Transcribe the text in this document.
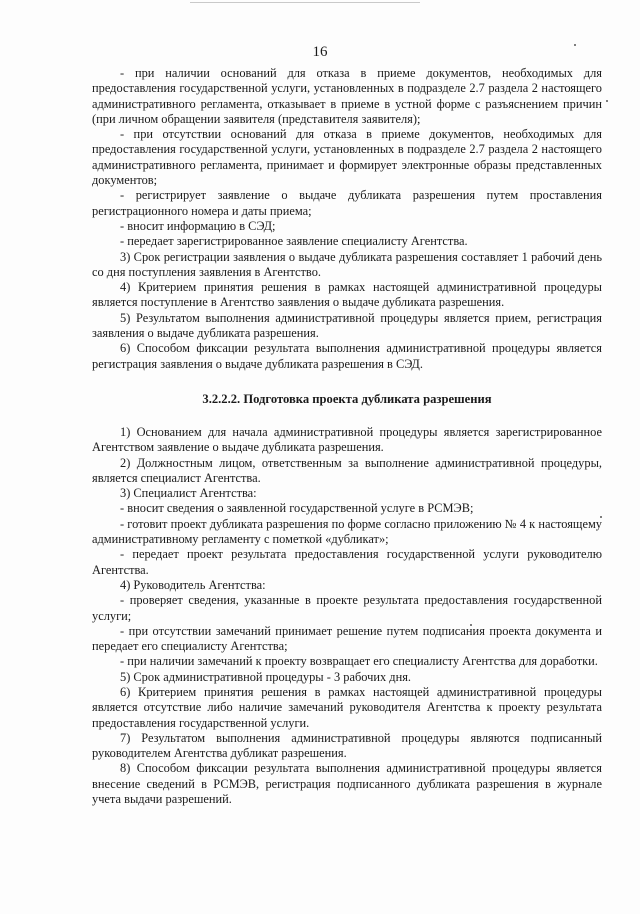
16

- при наличии оснований для отказа в приеме документов, необходимых для предоставления государственной услуги, установленных в подразделе 2.7 раздела 2 настоящего административного регламента, отказывает в приеме в устной форме с разъяснением причин (при личном обращении заявителя (представителя заявителя);

- при отсутствии оснований для отказа в приеме документов, необходимых для предоставления государственной услуги, установленных в подразделе 2.7 раздела 2 настоящего административного регламента, принимает и формирует электронные образы представленных документов;

- регистрирует заявление о выдаче дубликата разрешения путем проставления регистрационного номера и даты приема;

- вносит информацию в СЭД;

- передает зарегистрированное заявление специалисту Агентства.

3) Срок регистрации заявления о выдаче дубликата разрешения составляет 1 рабочий день со дня поступления заявления в Агентство.

4) Критерием принятия решения в рамках настоящей административной процедуры является поступление в Агентство заявления о выдаче дубликата разрешения.

5) Результатом выполнения административной процедуры является прием, регистрация заявления о выдаче дубликата разрешения.

6) Способом фиксации результата выполнения административной процедуры является регистрация заявления о выдаче дубликата разрешения в СЭД.

3.2.2.2. Подготовка проекта дубликата разрешения

1) Основанием для начала административной процедуры является зарегистрированное Агентством заявление о выдаче дубликата разрешения.

2) Должностным лицом, ответственным за выполнение административной процедуры, является специалист Агентства.

3) Специалист Агентства:

- вносит сведения о заявленной государственной услуге в РСМЭВ;

- готовит проект дубликата разрешения по форме согласно приложению № 4 к настоящему административному регламенту с пометкой «дубликат»;

- передает проект результата предоставления государственной услуги руководителю Агентства.

4) Руководитель Агентства:

- проверяет сведения, указанные в проекте результата предоставления государственной услуги;

- при отсутствии замечаний принимает решение путем подписания проекта документа и передает его специалисту Агентства;

- при наличии замечаний к проекту возвращает его специалисту Агентства для доработки.

5) Срок административной процедуры - 3 рабочих дня.

6) Критерием принятия решения в рамках настоящей административной процедуры является отсутствие либо наличие замечаний руководителя Агентства к проекту результата предоставления государственной услуги.

7) Результатом выполнения административной процедуры являются подписанный руководителем Агентства дубликат разрешения.

8) Способом фиксации результата выполнения административной процедуры является внесение сведений в РСМЭВ, регистрация подписанного дубликата разрешения в журнале учета выдачи разрешений.
